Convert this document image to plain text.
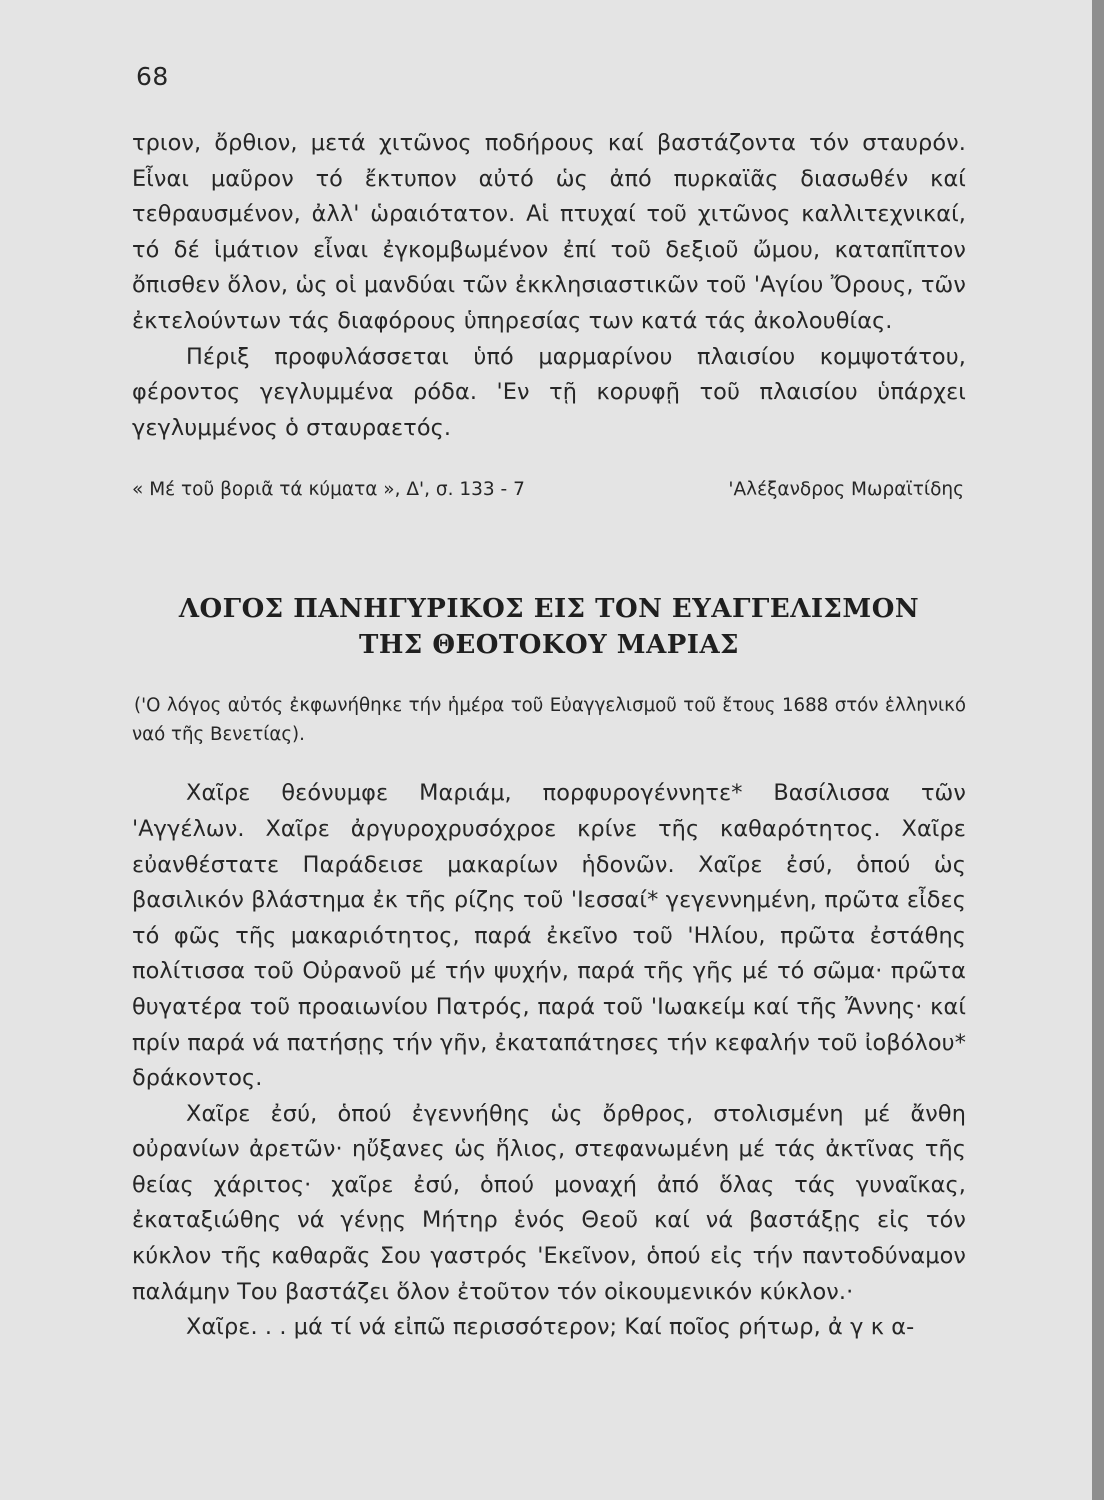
68

τριον, ὄρθιον, μετά χιτῶνος ποδήρους καί βαστάζοντα τόν σταυρόν. Εἶναι μαῦρον τό ἔκτυπον αὐτό ὡς ἀπό πυρκαϊᾶς διασωθέν καί τεθραυσμένον, ἀλλ' ὡραιότατον. Αἱ πτυχαί τοῦ χιτῶνος καλλιτεχνικαί, τό δέ ἱμάτιον εἶναι ἐγκομβωμένον ἐπί τοῦ δεξιοῦ ὤμου, καταπῖπτον ὄπισθεν ὅλον, ὡς οἱ μανδύαι τῶν ἐκκλησιαστικῶν τοῦ 'Αγίου Ὄρους, τῶν ἐκτελούντων τάς διαφόρους ὑπηρεσίας των κατά τάς ἀκολουθίας.

Πέριξ προφυλάσσεται ὑπό μαρμαρίνου πλαισίου κομψοτάτου, φέροντος γεγλυμμένα ρόδα. 'Εν τῇ κορυφῇ τοῦ πλαισίου ὑπάρχει γεγλυμμένος ὁ σταυραετός.

« Μέ τοῦ βοριᾶ τά κύματα », Δ', σ. 133 - 7	'Αλέξανδρος Μωραϊτίδης
ΛΟΓΟΣ ΠΑΝΗΓΥΡΙΚΟΣ ΕΙΣ ΤΟΝ ΕΥΑΓΓΕΛΙΣΜΟΝ
ΤΗΣ ΘΕΟΤΟΚΟΥ ΜΑΡΙΑΣ

('Ο λόγος αὐτός ἐκφωνήθηκε τήν ἡμέρα τοῦ Εὐαγγελισμοῦ τοῦ ἔτους 1688 στόν ἑλληνικό ναό τῆς Βενετίας).

Χαῖρε θεόνυμφε Μαριάμ, πορφυρογέννητε* Βασίλισσα τῶν 'Αγγέλων. Χαῖρε ἀργυροχρυσόχροε κρίνε τῆς καθαρότητος. Χαῖρε εὐανθέστατε Παράδεισε μακαρίων ἡδονῶν. Χαῖρε ἐσύ, ὁπού ὡς βασιλικόν βλάστημα ἐκ τῆς ρίζης τοῦ 'Ιεσσαί* γεγεννημένη, πρῶτα εἶδες τό φῶς τῆς μακαριότητος, παρά ἐκεῖνο τοῦ 'Ηλίου, πρῶτα ἐστάθης πολίτισσα τοῦ Οὐρανοῦ μέ τήν ψυχήν, παρά τῆς γῆς μέ τό σῶμα· πρῶτα θυγατέρα τοῦ προαιωνίου Πατρός, παρά τοῦ 'Ιωακείμ καί τῆς Ἄννης· καί πρίν παρά νά πατήσῃς τήν γῆν, ἐκαταπάτησες τήν κεφαλήν τοῦ ἰοβόλου* δράκοντος.

Χαῖρε ἐσύ, ὁπού ἐγεννήθης ὡς ὄρθρος, στολισμένη μέ ἄνθη οὐρανίων ἀρετῶν· ηὔξανες ὡς ἥλιος, στεφανωμένη μέ τάς ἀκτῖνας τῆς θείας χάριτος· χαῖρε ἐσύ, ὁπού μοναχή ἀπό ὅλας τάς γυναῖκας, ἐκαταξιώθης νά γένῃς Μήτηρ ἑνός Θεοῦ καί νά βαστάξῃς εἰς τόν κύκλον τῆς καθαρᾶς Σου γαστρός 'Εκεῖνον, ὁπού εἰς τήν παντοδύναμον παλάμην Του βαστάζει ὅλον ἐτοῦτον τόν οἰκουμενικόν κύκλον.·

Χαῖρε. . . μά τί νά εἰπῶ περισσότερον; Καί ποῖος ρήτωρ, ἀ γ κ α-
